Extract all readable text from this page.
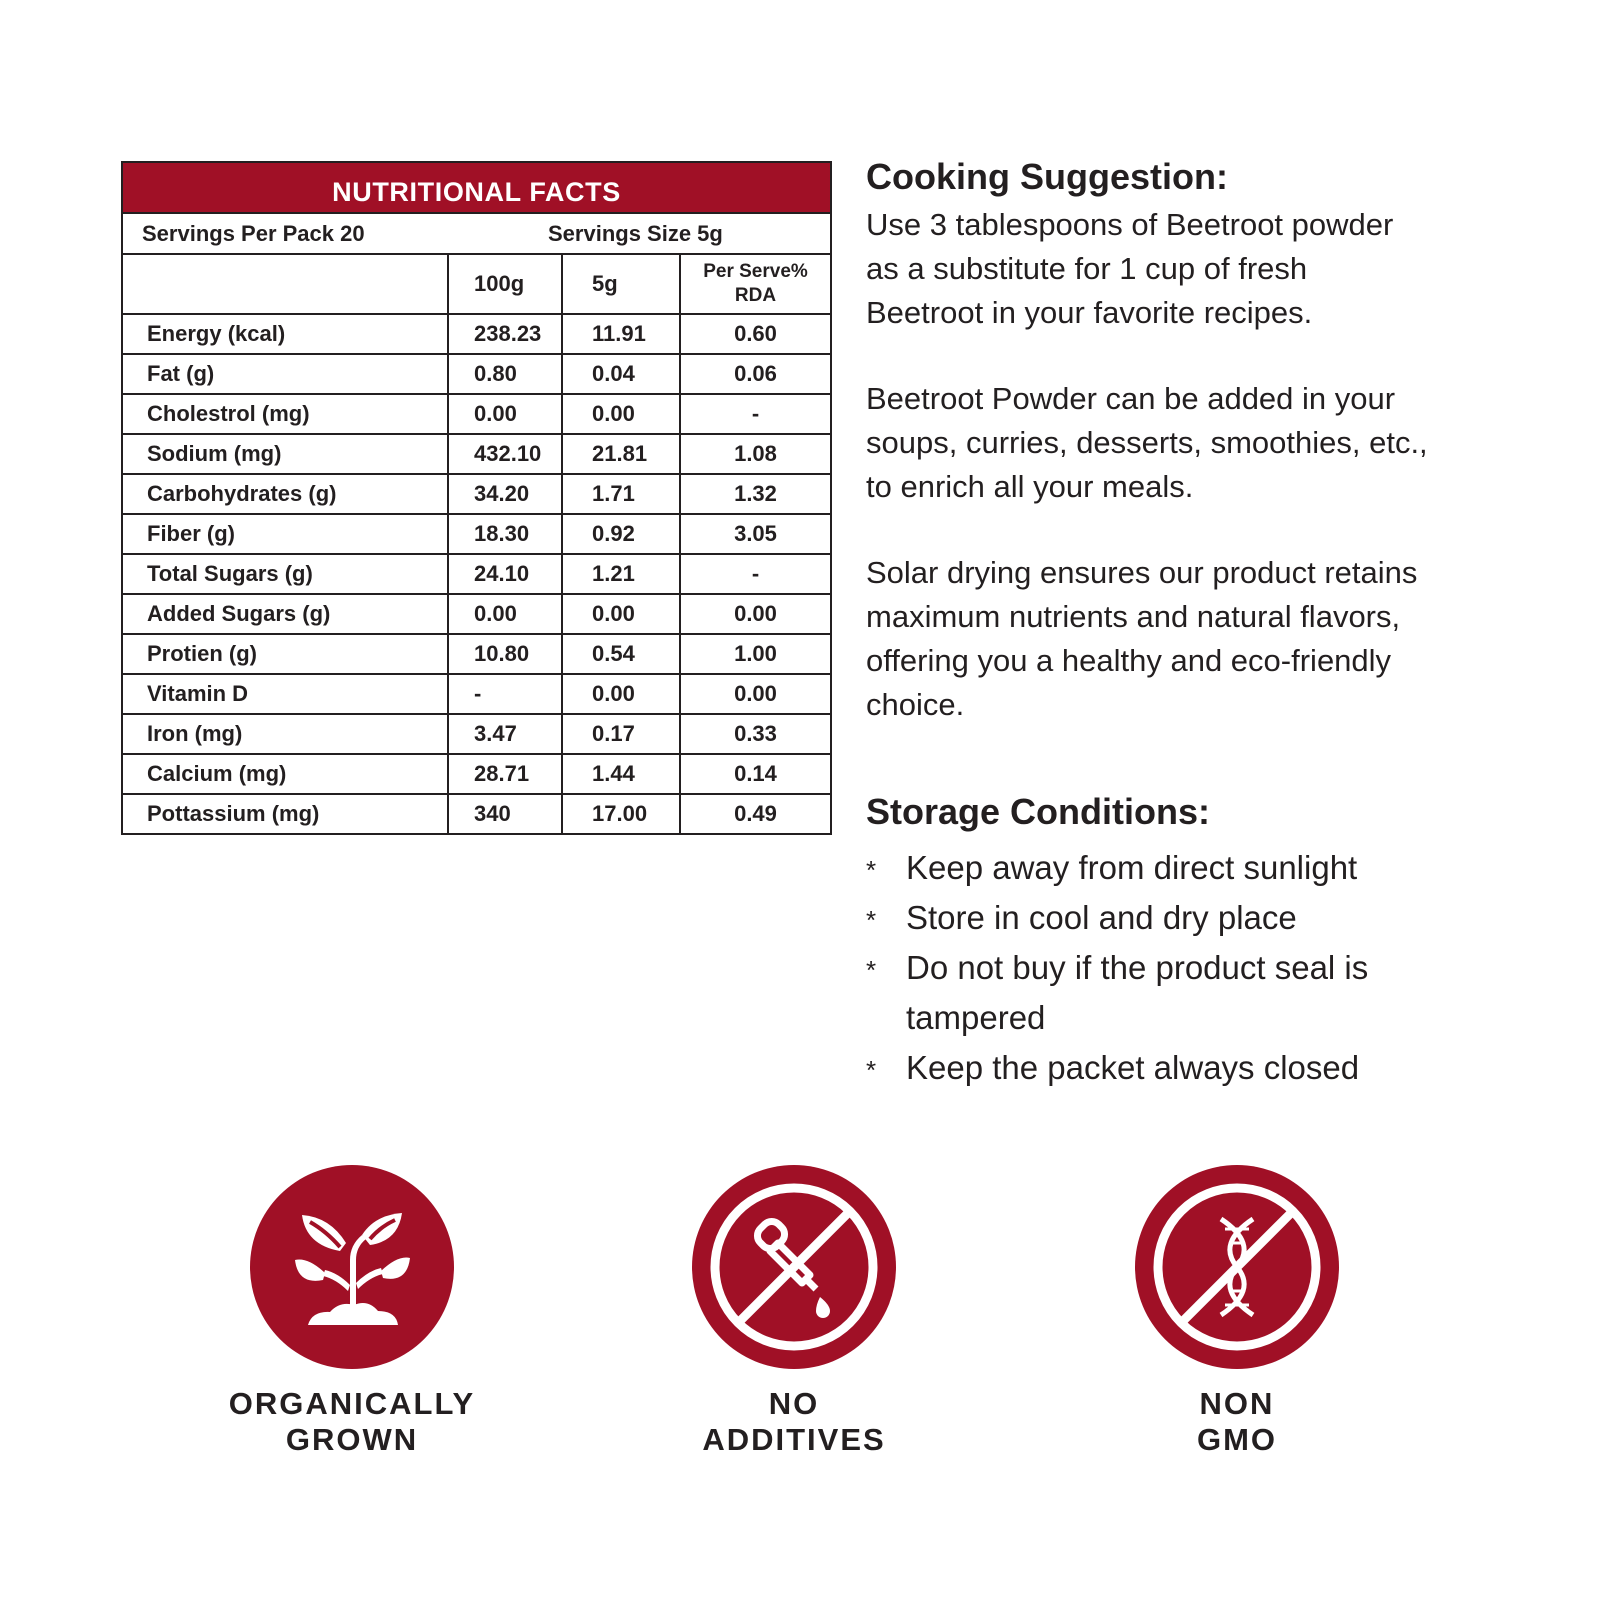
NUTRITIONAL FACTS
Servings Per Pack 20	Servings Size 5g
	100g	5g	Per Serve%
RDA
Energy (kcal)	238.23	11.91	0.60
Fat (g)	0.80	0.04	0.06
Cholestrol (mg)	0.00	0.00	-
Sodium (mg)	432.10	21.81	1.08
Carbohydrates (g)	34.20	1.71	1.32
Fiber (g)	18.30	0.92	3.05
Total Sugars (g)	24.10	1.21	-
Added Sugars (g)	0.00	0.00	0.00
Protien (g)	10.80	0.54	1.00
Vitamin D	-	0.00	0.00
Iron (mg)	3.47	0.17	0.33
Calcium (mg)	28.71	1.44	0.14
Pottassium (mg)	340	17.00	0.49
Cooking Suggestion:
Use 3 tablespoons of Beetroot powder
as a substitute for 1 cup of fresh
Beetroot in your favorite recipes.
Beetroot Powder can be added in your
soups, curries, desserts, smoothies, etc.,
to enrich all your meals.
Solar drying ensures our product retains
maximum nutrients and natural flavors,
offering you a healthy and eco-friendly
choice.
Storage Conditions:
* Keep away from direct sunlight
* Store in cool and dry place
* Do not buy if the product seal is
tampered
* Keep the packet always closed
ORGANICALLY
GROWN
NO
ADDITIVES
NON
GMO
